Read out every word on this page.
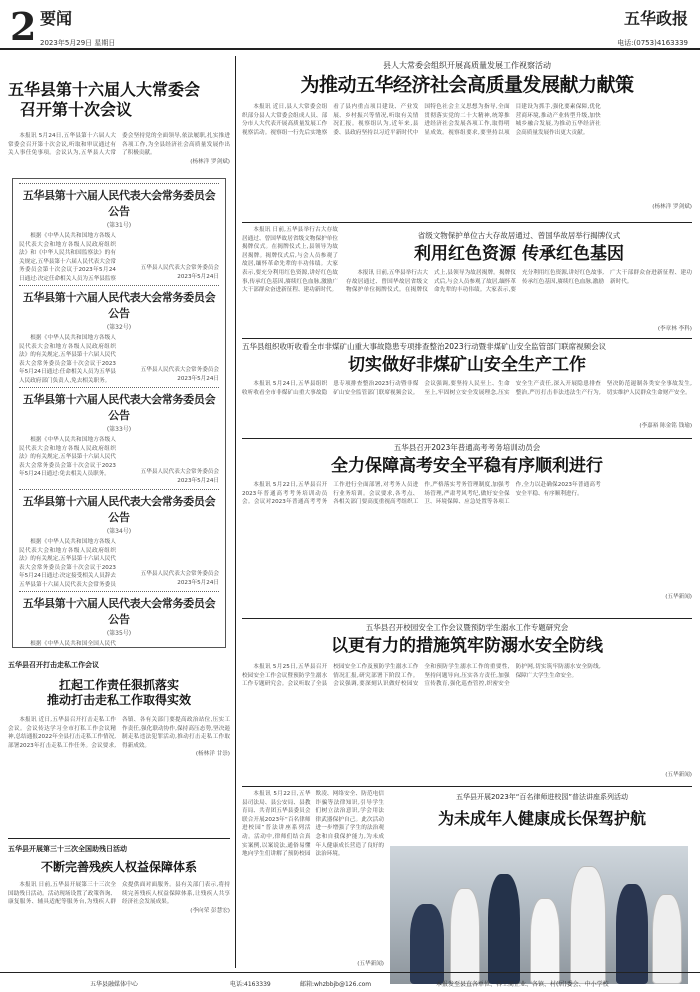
2 要闻
2023年5月29日 星期日
五华政报
电话:(0753)4163339
五华县第十六届人大常委会
召开第十次会议

本报讯 5月24日,五华县第十六届人大常委会召开第十次会议,听取和审议通过有关人事任免事项。会议认为,五华县人大常委会坚持党的全面领导,依法履职,扎实推进各项工作,为全县经济社会高质量发展作出了积极贡献。

(杨林洋 罗剑斌)
五华县第十六届人民代表大会常务委员会公告
(第31号)

根据《中华人民共和国地方各级人民代表大会和地方各级人民政府组织法》和《中华人民共和国监察法》的有关规定,五华县第十六届人民代表大会常务委员会第十次会议于2023年5月24日通过:决定任命相关人员为五华县监察

五华县人民代表大会常务委员会
2023年5月24日
五华县第十六届人民代表大会常务委员会公告
(第32号)

根据《中华人民共和国地方各级人民代表大会和地方各级人民政府组织法》的有关规定,五华县第十六届人民代表大会常务委员会第十次会议于2023年5月24日通过:任命相关人员为五华县人民政府部门负责人,免去相关职务。

五华县人民代表大会常务委员会
2023年5月24日
五华县第十六届人民代表大会常务委员会公告
(第33号)

根据《中华人民共和国地方各级人民代表大会和地方各级人民政府组织法》的有关规定,五华县第十六届人民代表大会常务委员会第十次会议于2023年5月24日通过:免去相关人员职务。	五华县人民代表大会常务委员会
2023年5月24日
五华县第十六届人民代表大会常务委员会公告
(第34号)

根据《中华人民共和国地方各级人民代表大会和地方各级人民政府组织法》的有关规定,五华县第十六届人民代表大会常务委员会第十次会议于2023年5月24日通过:决定接受相关人员辞去五华县第十六届人民代表大会常务委员

五华县人民代表大会常务委员会
2023年5月24日
五华县第十六届人民代表大会常务委员会公告
(第35号)

根据《中华人民共和国全国人民代

五华县召开打击走私工作会议
扛起工作责任狠抓落实
推动打击走私工作取得实效

本报讯 近日,五华县召开打击走私工作会议。会议传达学习全市打私工作会议精神,总结通报2022年全县打击走私工作情况,部署2023年打击走私工作任务。会议要求,各镇、各有关部门要提高政治站位,压实工作责任,强化联动协作,保持高压态势,坚决遏制走私违法犯罪活动,推动打击走私工作取得新成效。

(杨林洋 甘崇)
五华县开展第三十三次全国助残日活动
不断完善残疾人权益保障体系

本报讯 日前,五华县开展第三十三次全国助残日活动。活动现场设置了政策咨询、康复服务、辅具适配等服务台,为残疾人群众提供面对面服务。县有关部门表示,将持续完善残疾人权益保障体系,让残疾人共享经济社会发展成果。

(李向荣 彭慧宏)
县人大常委会组织开展高质量发展工作视察活动
为推动五华经济社会高质量发展献力献策

本报讯 近日,县人大常委会组织部分县人大常委会组成人员、部分市人大代表开展高质量发展工作视察活动。视察组一行先后实地察看了县内重点项目建设、产业发展、乡村振兴等情况,听取有关情况汇报。视察组认为,近年来,县委、县政府坚持以习近平新时代中国特色社会主义思想为指导,全面贯彻落实党的二十大精神,统筹推进经济社会发展各项工作,取得明显成效。视察组要求,要坚持以项目建设为抓手,强化要素保障,优化营商环境,推动产业转型升级,加快城乡融合发展,为推动五华经济社会高质量发展作出更大贡献。

(杨林洋 罗剑斌)

本报讯 日前,五华县举行古大存故居通过、曾国华故居省级文物保护单位揭牌仪式。在揭牌仪式上,县领导为故居揭牌。揭牌仪式后,与会人员参观了故居,缅怀革命先辈的丰功伟绩。大家表示,要充分利用红色资源,讲好红色故事,传承红色基因,赓续红色血脉,激励广大干部群众奋进新征程、建功新时代。

省级文物保护单位古大存故居通过、曾国华故居举行揭牌仪式
利用红色资源 传承红色基因

本报讯 日前,五华县举行古大存故居通过、曾国华故居省级文物保护单位揭牌仪式。在揭牌仪式上,县领导为故居揭牌。揭牌仪式后,与会人员参观了故居,缅怀革命先辈的丰功伟绩。大家表示,要充分利用红色资源,讲好红色故事,传承红色基因,赓续红色血脉,激励广大干部群众奋进新征程、建功新时代。

(李章林 李科)
五华县组织收听收看全市非煤矿山重大事故隐患专项排查整治2023行动暨非煤矿山安全监管部门联席视频会议
切实做好非煤矿山安全生产工作

本报讯 5月24日,五华县组织收听收看全市非煤矿山重大事故隐患专项排查整治2023行动暨非煤矿山安全监管部门联席视频会议。会议强调,要坚持人民至上、生命至上,牢固树立安全发展理念,压实安全生产责任,深入开展隐患排查整治,严厉打击非法违法生产行为,坚决防范遏制各类安全事故发生,切实维护人民群众生命财产安全。

(李嘉裕 陈金铭 钱瑜)
五华县召开2023年普通高考考务培训动员会
全力保障高考安全平稳有序顺利进行

本报讯 5月22日,五华县召开2023年普通高考考务培训动员会。会议对2023年普通高考考务工作进行全面部署,对考务人员进行业务培训。会议要求,各考点、各相关部门要高度重视高考组织工作,严格落实考务管理制度,加强考场管理,严肃考风考纪,做好安全保卫、环境保障、应急处置等各项工作,全力以赴确保2023年普通高考安全平稳、有序顺利进行。

(五华新闻)
五华县召开校园安全工作会议暨预防学生溺水工作专题研究会
以更有力的措施筑牢防溺水安全防线

本报讯 5月25日,五华县召开校园安全工作会议暨预防学生溺水工作专题研究会。会议听取了全县校园安全工作及预防学生溺水工作情况汇报,研究部署下阶段工作。会议强调,要深刻认识做好校园安全和预防学生溺水工作的重要性,坚持问题导向,压实各方责任,加强宣传教育,强化巡查管控,织密安全防护网,切实筑牢防溺水安全防线,保障广大学生生命安全。

(五华新闻)

本报讯 5月22日,五华县司法局、县公安局、县教育局、共青团五华县委员会联合开展2023年“百名律师进校园”普法讲座系列活动。活动中,律师们结合真实案例,以案说法,通俗易懂地向学生们讲解了预防校园欺凌、网络安全、防范电信诈骗等法律知识,引导学生们树立法治意识,学会用法律武器保护自己。此次活动进一步增强了学生的法治观念和自我保护能力,为未成年人健康成长营造了良好的法治环境。

五华县开展2023年“百名律师进校园”普法讲座系列活动
为未成年人健康成长保驾护航
(五华新闻)
五华县融媒体中心	电话:4163339	邮箱:whzbbjb@126.com	本报发至县直各单位、各工商企业、各镇、村(居)委会、中小学校
